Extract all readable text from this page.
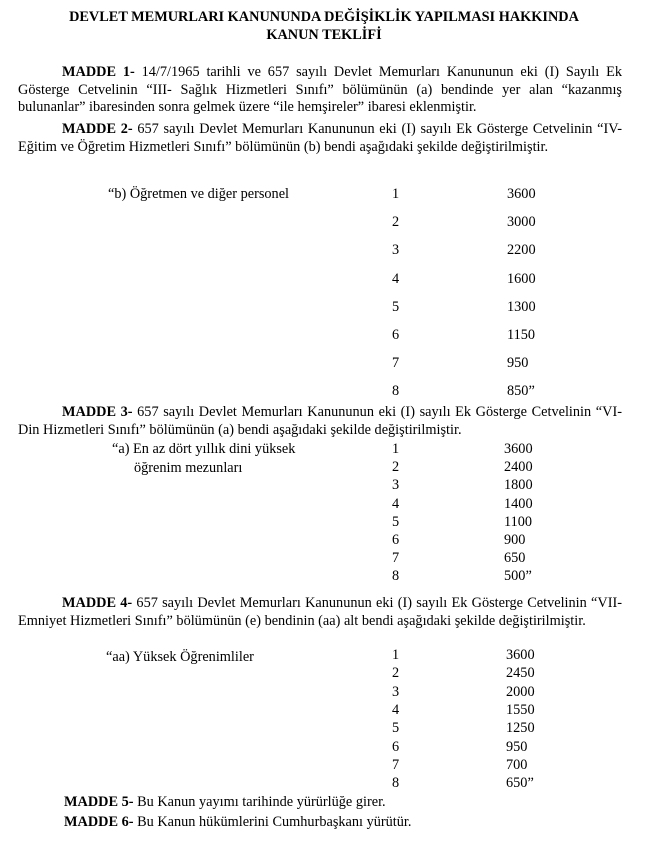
DEVLET MEMURLARI KANUNUNDA DEĞİŞİKLİK YAPILMASI HAKKINDA
KANUN TEKLİFİ
MADDE 1- 14/7/1965 tarihli ve 657 sayılı Devlet Memurları Kanununun eki (I) Sayılı Ek Gösterge Cetvelinin “III- Sağlık Hizmetleri Sınıfı” bölümünün (a) bendinde yer alan “kazanmış bulunanlar” ibaresinden sonra gelmek üzere “ile hemşireler” ibaresi eklenmiştir.
MADDE 2- 657 sayılı Devlet Memurları Kanununun eki (I) sayılı Ek Gösterge Cetvelinin “IV- Eğitim ve Öğretim Hizmetleri Sınıfı” bölümünün (b) bendi aşağıdaki şekilde değiştirilmiştir.
“b) Öğretmen ve diğer personel	1	3600
2	3000
3	2200
4	1600
5	1300
6	1150
7	950
8	850”
MADDE 3- 657 sayılı Devlet Memurları Kanununun eki (I) sayılı Ek Gösterge Cetvelinin “VI- Din Hizmetleri Sınıfı” bölümünün (a) bendi aşağıdaki şekilde değiştirilmiştir.
“a) En az dört yıllık dini yüksek
öğrenim mezunları
1	3600
2	2400
3	1800
4	1400
5	1100
6	900
7	650
8	500”
MADDE 4- 657 sayılı Devlet Memurları Kanununun eki (I) sayılı Ek Gösterge Cetvelinin “VII- Emniyet Hizmetleri Sınıfı” bölümünün (e) bendinin (aa) alt bendi aşağıdaki şekilde değiştirilmiştir.
“aa) Yüksek Öğrenimliler	1	3600
2	2450
3	2000
4	1550
5	1250
6	950
7	700
8	650”
MADDE 5- Bu Kanun yayımı tarihinde yürürlüğe girer.
MADDE 6- Bu Kanun hükümlerini Cumhurbaşkanı yürütür.
